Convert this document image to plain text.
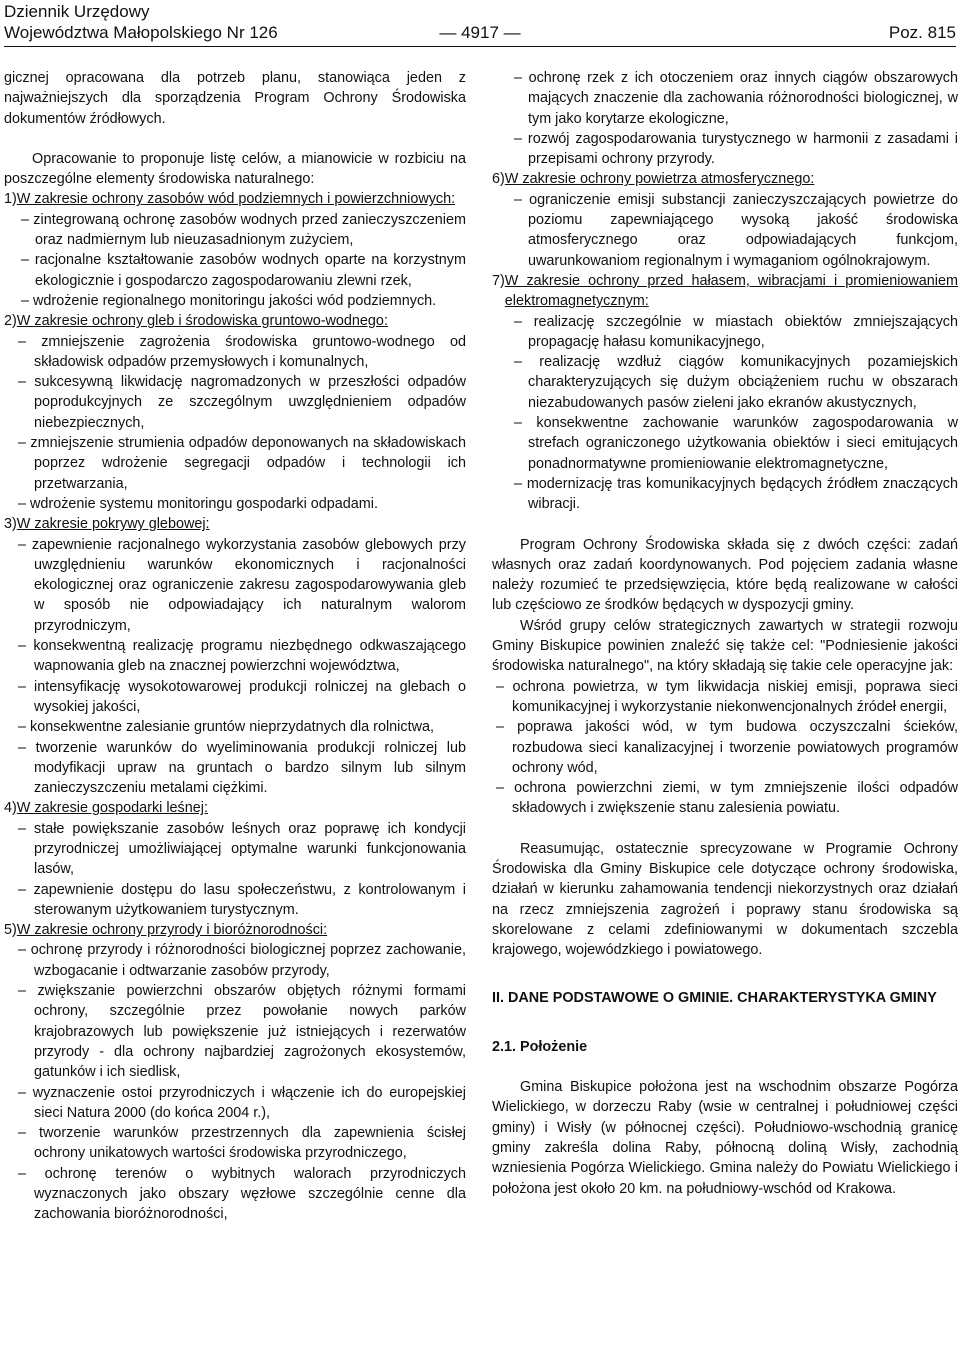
Dziennik Urzędowy
Województwa Małopolskiego Nr 126	— 4917 —	Poz. 815

gicznej opracowana dla potrzeb planu, stanowiąca jeden z najważniejszych dla sporządzenia Program Ochrony Środowiska dokumentów źródłowych.

Opracowanie to proponuje listę celów, a mianowicie w rozbiciu na poszczególne elementy środowiska naturalnego:

1) W zakresie ochrony zasobów wód podziemnych i powierzchniowych:

– zintegrowaną ochronę zasobów wodnych przed zanieczyszczeniem oraz nadmiernym lub nieuzasadnionym zużyciem,

– racjonalne kształtowanie zasobów wodnych oparte na korzystnym ekologicznie i gospodarczo zagospodarowaniu zlewni rzek,

– wdrożenie regionalnego monitoringu jakości wód podziemnych.

2) W zakresie ochrony gleb i środowiska gruntowo-wodnego:

– zmniejszenie zagrożenia środowiska gruntowo-wodnego od składowisk odpadów przemysłowych i komunalnych,

– sukcesywną likwidację nagromadzonych w przeszłości odpadów poprodukcyjnych ze szczególnym uwzględnieniem odpadów niebezpiecznych,

– zmniejszenie strumienia odpadów deponowanych na składowiskach poprzez wdrożenie segregacji odpadów i technologii ich przetwarzania,

– wdrożenie systemu monitoringu gospodarki odpadami.

3) W zakresie pokrywy glebowej:

– zapewnienie racjonalnego wykorzystania zasobów glebowych przy uwzględnieniu warunków ekonomicznych i racjonalności ekologicznej oraz ograniczenie zakresu zagospodarowywania gleb w sposób nie odpowiadający ich naturalnym walorom przyrodniczym,

– konsekwentną realizację programu niezbędnego odkwaszającego wapnowania gleb na znacznej powierzchni województwa,

– intensyfikację wysokotowarowej produkcji rolniczej na glebach o wysokiej jakości,

– konsekwentne zalesianie gruntów nieprzydatnych dla rolnictwa,

– tworzenie warunków do wyeliminowania produkcji rolniczej lub modyfikacji upraw na gruntach o bardzo silnym lub silnym zanieczyszczeniu metalami ciężkimi.

4) W zakresie gospodarki leśnej:

– stałe powiększanie zasobów leśnych oraz poprawę ich kondycji przyrodniczej umożliwiającej optymalne warunki funkcjonowania lasów,

– zapewnienie dostępu do lasu społeczeństwu, z kontrolowanym i sterowanym użytkowaniem turystycznym.

5) W zakresie ochrony przyrody i bioróżnorodności:

– ochronę przyrody i różnorodności biologicznej poprzez zachowanie, wzbogacanie i odtwarzanie zasobów przyrody,

– zwiększanie powierzchni obszarów objętych różnymi formami ochrony, szczególnie przez powołanie nowych parków krajobrazowych lub powiększenie już istniejących i rezerwatów przyrody - dla ochrony najbardziej zagrożonych ekosystemów, gatunków i ich siedlisk,

– wyznaczenie ostoi przyrodniczych i włączenie ich do europejskiej sieci Natura 2000 (do końca 2004 r.),

– tworzenie warunków przestrzennych dla zapewnienia ścisłej ochrony unikatowych wartości środowiska przyrodniczego,

– ochronę terenów o wybitnych walorach przyrodniczych wyznaczonych jako obszary węzłowe szczególnie cenne dla zachowania bioróżnorodności,

– ochronę rzek z ich otoczeniem oraz innych ciągów obszarowych mających znaczenie dla zachowania różnorodności biologicznej, w tym jako korytarze ekologiczne,

– rozwój zagospodarowania turystycznego w harmonii z zasadami i przepisami ochrony przyrody.

6) W zakresie ochrony powietrza atmosferycznego:

– ograniczenie emisji substancji zanieczyszczających powietrze do poziomu zapewniającego wysoką jakość środowiska atmosferycznego oraz odpowiadających funkcjom, uwarunkowaniom regionalnym i wymaganiom ogólnokrajowym.

7) W zakresie ochrony przed hałasem, wibracjami i promieniowaniem elektromagnetycznym:

– realizację szczególnie w miastach obiektów zmniejszających propagację hałasu komunikacyjnego,

– realizację wzdłuż ciągów komunikacyjnych pozamiejskich charakteryzujących się dużym obciążeniem ruchu w obszarach niezabudowanych pasów zieleni jako ekranów akustycznych,

– konsekwentne zachowanie warunków zagospodarowania w strefach ograniczonego użytkowania obiektów i sieci emitujących ponadnormatywne promieniowanie elektromagnetyczne,

– modernizację tras komunikacyjnych będących źródłem znaczących wibracji.

Program Ochrony Środowiska składa się z dwóch części: zadań własnych oraz zadań koordynowanych. Pod pojęciem zadania własne należy rozumieć te przedsięwzięcia, które będą realizowane w całości lub częściowo ze środków będących w dyspozycji gminy.

Wśród grupy celów strategicznych zawartych w strategii rozwoju Gminy Biskupice powinien znaleźć się także cel: "Podniesienie jakości środowiska naturalnego", na który składają się takie cele operacyjne jak:

– ochrona powietrza, w tym likwidacja niskiej emisji, poprawa sieci komunikacyjnej i wykorzystanie niekonwencjonalnych źródeł energii,

– poprawa jakości wód, w tym budowa oczyszczalni ścieków, rozbudowa sieci kanalizacyjnej i tworzenie powiatowych programów ochrony wód,

– ochrona powierzchni ziemi, w tym zmniejszenie ilości odpadów składowych i zwiększenie stanu zalesienia powiatu.

Reasumując, ostatecznie sprecyzowane w Programie Ochrony Środowiska dla Gminy Biskupice cele dotyczące ochrony środowiska, działań w kierunku zahamowania tendencji niekorzystnych oraz działań na rzecz zmniejszenia zagrożeń i poprawy stanu środowiska są skorelowane z celami zdefiniowanymi w dokumentach szczebla krajowego, wojewódzkiego i powiatowego.

II. DANE PODSTAWOWE O GMINIE. CHARAKTERYSTYKA GMINY

2.1. Położenie

Gmina Biskupice położona jest na wschodnim obszarze Pogórza Wielickiego, w dorzeczu Raby (wsie w centralnej i południowej części gminy) i Wisły (w północnej części). Południowo-wschodnią granicę gminy zakreśla dolina Raby, północną doliną Wisły, zachodnią wzniesienia Pogórza Wielickiego. Gmina należy do Powiatu Wielickiego i położona jest około 20 km. na południowy-wschód od Krakowa.
